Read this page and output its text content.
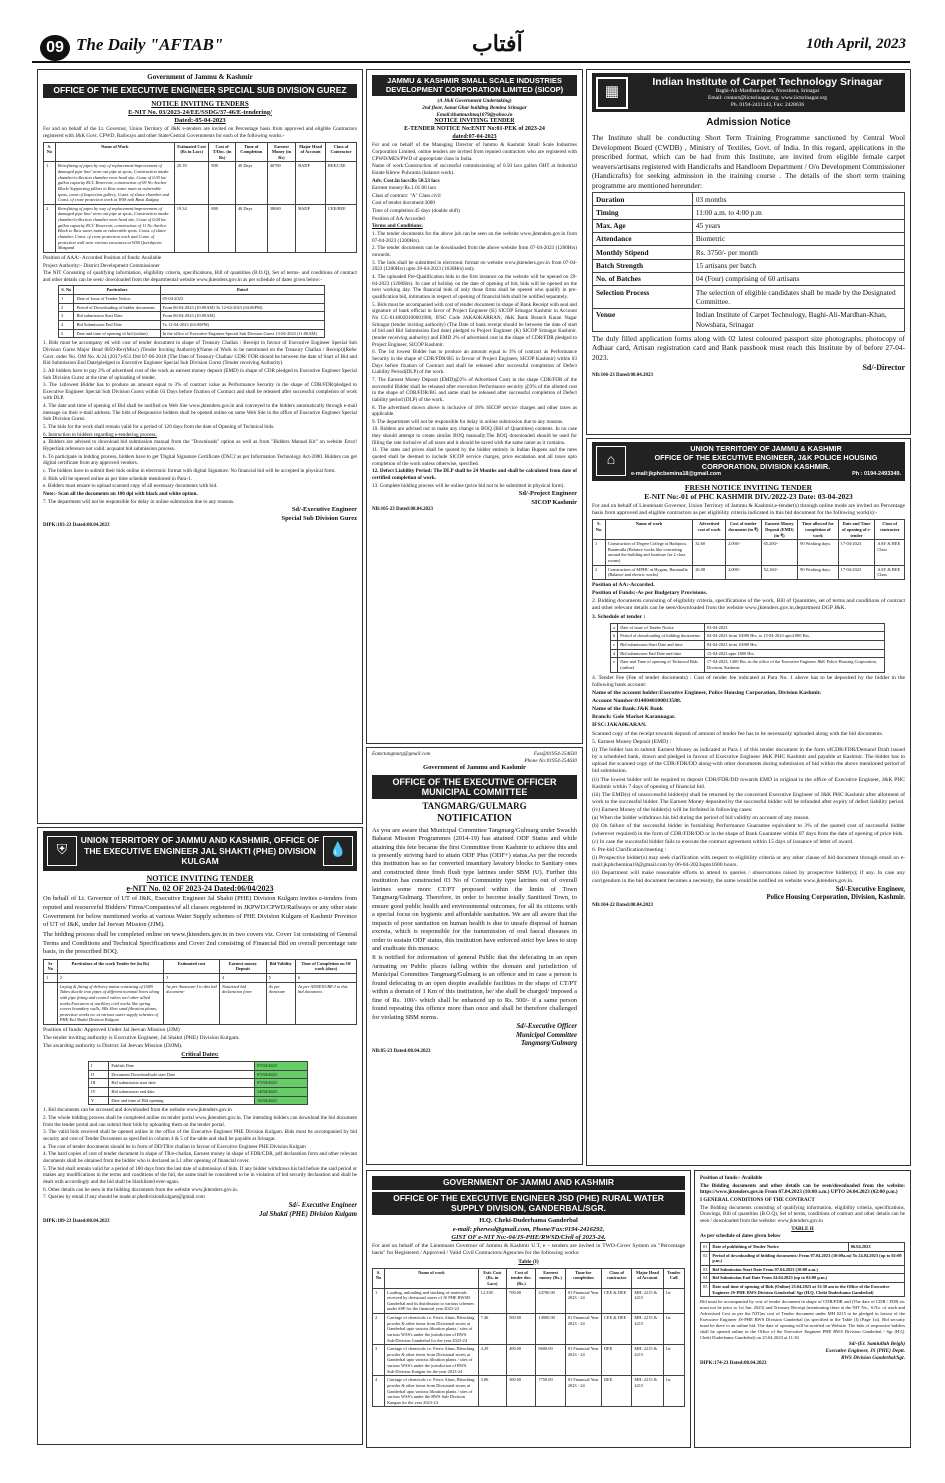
09 The Daily "AFTAB"	آفتاب	10th April, 2023
Government of Jammu & Kashmir
OFFICE OF THE EXECUTIVE ENGINEER SPECIAL SUB DIVISION GUREZ
NOTICE INVITING TENDERS
E-NIT No. 03/2023-24/EE/SSDG/37-46/E-tendering/
Dated:-05-04-2023

For and on behalf of the Lt. Governor, Union Territory of J&K e-tenders are invited on Percentage basis from approved and eligible Contractors registered with J&K Govt. CPWD, Railways and other State/Central Governments for each of the following works:-

S. No	Name of Work	Estimated Cost (Rs in Lacs)	Cost of T/Doc. (in Rs)	Time of Completion	Earnest Money (in Rs)	Major Head of Account	Class of Contractor
1	Retrofitting of pipes by way of replacement/improvement of damaged pipe line/ worn out pipe at spots, Construction intake chamber/collection chamber near head site, Const of 0.05 lac gallon capacity RCC Reservoir, construction of 09 No Anchor Block/ Supporting pillars to Raw water main at vulnerable spots, const of Inspection gullery, Const. of sluice chamber and Const. of crate protection work at WSS nali Basti Zadgay.	20.39	800	40 Days	40780	BADP	BEE/CEE
2	Retrofitting of pipes by way of replacement/improvement of damaged pipe line/ worn out pipe at spots, Construction intake chamber/collection chamber near head site, Const of 0.04 lac gallon capacity RCC Reservoir, construction of 11 No Anchor Block to Raw water main at vulnerable spots, Const. of sluice chamber, Const. of crate protection work and Const. of protection wall near various structures at WSS Qurishpora Mazgund	19.34	800	40 Days	38680	BADP	CEE/BEE

Position of AAA:- Accorded Position of funds: Available

Project Authority:- District Development Commissioner

The NIT Consisting of qualifying information, eligibility criteria, specifications, Bill of quantities (B.O.Q), Set of terms- and conditions of contract and other details can be seen/ downloaded from the departmental website www.jktenders.gov.in as per schedule of dates given below:-

S. No	Particulars	Dated
1	Date of Issue of Tender Notice.	05-04-2023
2	Period of Downloading of bidder documents	From 06-04-2023 (10:00AM) To 12-04-2023 (04:00PM)
3	Bid submission Start Date	From 06-04-2023 (10:00AM)
4	Bid Submission End Date	To 12-04-2023 (04:00PM)
5	Date and time of opening of bid (online)	In the office of Executive Engineer Special Sub Division Gurez 13-04-2023 (11:00AM)

1. Bids must be accompany ed with cost of tender document in shape of Treasury Challan / Receipt in favour of Executive Engineer Special Sub Division Gurez Major Head 0059-Rev(Misc) (Tender Inviting Authority)(Name of Work to be mentioned on the Treasury Challan / Receipt)(Refer Govt. order No. OM No. A/24 (2017)-651 Dtd 07-06-2018 (The Date of Treasury Challan/ CDR/ FDR should be between the date of Start of Bid and Bid Submission End Date)pledged to Executive Engineer Special Sub Division Gurez (Tender receiving Authority).

2. All bidders have to pay 2% of advertised cost of the work as earnest money deposit (EMD) in shape of CDR pledged to Executive Engineer Special Sub Division Gurez at the time of uploading of tender.

3. The 1stlowest Bidder has to produce an amount equal to 3% of contract value as Performance Security in the shape of CDR/FDR/pledged to Executive Engineer Special Sub Division Gurez within 03 Days before fixation of Contract and shall be released after successful completion of work with DLP.

4. The date and time of opening of Bid shall be notified on Web Site www.jktenders.gov.in and conveyed to the bidders automatically through e-mail message on their e-mail address. The bids of Responsive bidders shall be opened online on same Web Site in the office of Executive Engineer Special Sub Division Gurez.

5. The bids for the work shall remain valid for a period of 120 days from the date of Opening of Technical bids.

6. Instruction to bidders regarding e-tendering process.

a. Bidders are advised to download bid submission manual from the "Downloads" option as well as from "Bidders Manual Kit" on website Error! Hyperlink reference not valid. acquaint bid submission process.

b. To participate in bidding process, bidders have to get 'Digital Signature Certificate (DSC)' as per Information Technology Act-2000. Bidders can get digital certificate from any approved vendors.

c. The bidders have to submit their bids online in electronic format with digital Signature. No financial bid will be accepted in physical form.

d. Bids will be opened online as per time schedule mentioned in Para-1.

e. Bidders must ensure to upload scanned copy of all necessary documents with bid.

Note:- Scan all the documents on 100 dpi with black and white option.

7. The department will not be responsible for delay in online submission due to any reasons.

Sd/-Executive Engineer
Special Sub Division Gurez
DIPK:183-23 Dated:08.04.2023
JAMMU & KASHMIR SMALL SCALE INDUSTRIES DEVELOPMENT CORPORATION LIMITED (SICOP)
(A J&K Government Undertaking)
2nd floor, Sanat Ghar building Bemina Srinagar
Email:khatmushtaq1079@yahoo.in
NOTICE INVITING TENDER
E-TENDER NOTICE No:ENIT No:01-PEK of 2023-24
dated:07-04-2023

For and on behalf of the Managing Director of Jammu & Kashmir Small Scale Industries Corporation Limited, online tenders are invited from reputed contractors who are registered with CPWD/MES/PWD of appropriate class in India.

Name of work:Construction of successful commissioning of 0.50 lacs gallon OHT at Industrial Estate Khrew Pulwama (balance work).

Adv. Cost.In lacs:Rs 50.53 lacs

Earnest money:Rs.1.01.06 lacs

Class of contract: "A" Class civil

Cost of tender document:3000

Time of completion:45 days (double shift)

Position of AA:Accorded

Terms and Conditions:

1. The tender documents for the above job can be seen on the website www.jktenders.gov.in from 07-04-2023 (1200Hrs).

2. The tender documents can be downloaded from the above website from 07-04-2023 (1200Hrs) onwards.

3. The bids shall be submitted in electronic format on website www.jktenders.gov.in from 07-04-2023 (1200Hrs) upto 28-04-2023 (1630Hrs) only.

4. The uploaded Pre-Qualification bids in the first instance on the website will be opened on 29-04-2023 (1200Hrs). In case of holiday on the date of opening of bid, bids will be opened on the next working day. The financial bids of only those firms shall be opened who qualify in pre-qualification bid, intimation in respect of opening of financial bids shall be notified separately.

5. Bids must be accompanied with cost of tender document in shape of Bank Receipt with seal and signature of bank official in favor of Project Engineer (K) SICOP Srinagar Kashmir in Account No CC-0140020100001980, IFSC Code JAKA0KARRAN, J&K Bank Branch Karan Nagar Srinagar (tender inviting authority) (The Date of bank receipt should be between the date of start of bid and Bid Submission End date) pledged to Project Engineer (K) SICOP Srinagar Kashmir. (tender receiving authority) and EMD 2% of advertised cost in the shape of CDR/FDR pledged to Project Engineer, SICOP Kashmir.

6. The 1st lowest Bidder has to produce an amount equal to 3% of contract as Performance Security in the shape of CDR/FDR/BG in favour of Project Engineer, SICOP Kashmir) within 03 Days before fixation of Contract and shall be released after successful completion of Defect Liability Period(DLP) of the work.

7. The Earnest Money Deposit (EMD)@2% of Advertised Cost) in the shape CDR/FDR of the successful Bidder shall be released after execution Performance security @3% of the allotted cost in the shape of CDR/FDR/BG and same shall be released after successful completion of Defect liability period (DLP) of the work.

8. The advertised shown above is inclusive of 18% SICOP service charges and other taxes as applicable.

9. The department will not be responsible for delay in online submission due to any reasons.

10. Bidders are advised not to make any change in BOQ (Bill of Quantities) contents. In no case they should attempt to create similar BOQ manually.The BOQ downloaded should be used for filling the rate inclusive of all taxes and it should be saved with the same name as it contains.

11. The rates and prices shall be quoted by the bidder entirely in Indian Rupees and the rates quoted shall be deemed to include SICOP service charges, price escalation and all taxes upto completion of the work unless otherwise, specified.

12. Defect Liability Period: The DLP shall be 24 Months and shall be calculated from date of certified completion of work.

13. Complete bidding process will be online (price bid not to be submitted in physical form).

Sd/-Project Engineer
SICOP Kashmir
NB:105-23 Dated:08.04.2023
Eomctangmarg@gmail.com	Fax@01954-254630
Phone No:01954-254630
Government of Jammu and Kashmir
OFFICE OF THE EXECUTIVE OFFICER MUNICIPAL COMMITTEE
TANGMARG/GULMARG
NOTIFICATION

As you are aware that Municipal Committee Tangmarg/Gulmarg under Swachh Baharat Mission Programmes (2014-19) has attained ODF Status and while attaining this fete became the first Committee from Kashmir to achieve this and is presently striving hard to attain ODF Plus (ODF+) status.As per the records this institution has so far converted insanitary lavatory blocks to Sanitary ones and constructed three fresh flush type latrines under SBM (U). Further this institution has constructed 03 No of Community type latrines out of overall latrines some more CT/PT proposed within the limits of Town Tangmarg/Gulmarg. Therefore, in order to become totally Sanitized Town, to ensure good public health and environmental outcomes, for all its citizens with a special focus on hygienic and affordable sanitation. We are all aware that the impacts of poor sanitation on human health is due to unsafe disposal of human excreta, which is responsible for the transmission of oral faecal diseases in order to sustain ODF status, this institution have enforced strict bye laws to stop and eradicate this menace.

It is notified for information of general Public that the defecating in an open /urinating on Public places falling within the domain and jurisdiction of Municipal Committee Tangmarg/Gulmarg is an offence and in case a person is found defecating in an open despite available facilities in the shape of CT/PT within a domain of 1 Km of this institution, he/ she shall be charged/ imposed a fine of Rs. 100/- which shall be enhanced up to Rs. 500/- if a same person found repeating this offence more than once and shall be therefore challenged for violating SBM norms.

Sd/-Executive Officer
Municipal Committee
Tangmarg/Gulmarg
NB:85-23 Dated:08.04.2023
▦
Indian Institute of Carpet Technology Srinagar
Baghi-Ali-Mardhan-Khan, Nowshera, Srinagar
Email: contact@iictsrinagar.org; www.iictsrinagar.org
Ph. 0194-2411143, Fax: 2428636
Admission Notice

The Institute shall be conducting Short Term Training Programme sanctioned by Central Wool Development Board (CWDB) , Ministry of Textiles, Govt. of India. In this regard, applications in the prescribed format, which can be had from this Institute, are invited from eligible female carpet weavers/artisans registered with Handicrafts and Handloom Department / O/o Development Commissioner (Handicrafts) for seeking admission in the training course . The details of the short term training programme are mentioned hereunder:

Duration	03 months
Timing	11:00 a.m. to 4:00 p.m
Max. Age	45 years
Attendance	Biometric
Monthly Stipend	Rs. 3750/- per month
Batch Strength	15 artisans per batch
No. of Batches	04 (Four) comprising of 60 artisans
Selection Process	The selection of eligible candidates shall be made by the Designated Committee.
Venue	Indian Institute of Carpet Technology, Baghi-Ali-Mardhan-Khan, Nowshara, Srinagar

The duly filled application forms along with 02 latest coloured passport size photographs, photocopy of Adhaar card, Artisan registration card and Bank passbook must reach this Institute by of before 27-04-2023.

Sd/-Director
NB:106-23 Dated:08.04.2023
⌂
UNION TERRITORY OF JAMMU & KASHMIR
OFFICE OF THE EXECUTIVE ENGINEER, J&K POLICE HOUSING CORPORATION, DIVISION KASHMIR.
e-mail:jkphcbemina18@gmail.com	Ph : 0194-2493349.
FRESH NOTICE INVITING TENDER
E-NIT No:-01 of PHC KASHMIR DIV./2022-23 Date: 03-04-2023

For and on behalf of Lieutenant Governor, Union Territory of Jammu & Kashmir,e-tender(s) through online mode are invited on Percentage basis from approved and eligible contractors as per eligibility criteria indicated in this bid document for the following work(s):-

S. No.	Name of work	Advertised cost of work	Cost of tender document (in ₹)	Earnest Money Deposit (EMD) (in ₹)	Time allowed for completion of work	Date and Time of opening of e-tender	Class of contractor
1	Construction of Degree College at Hadipora, Baramulla (Balance works like concreting around the building and furniture for 2 class rooms)	32.60	2,000/-	65,200/-	90 Working days.	17-04-2023	AAY & BEE Class
2	Construction of MPHC at Hygam, Baramulla (Balance and electric works)	26.08	2,000/-	52,160/-	90 Working days.	17-04-2023	AAY & BEE Class

Position of AA:-Accorded.

Position of Funds:-As per Budgetary Provisions.

2. Bidding documents consisting of eligibility criteria, specifications of the work, Bill of Quantities, set of terms and conditions of contract and other relevant details can be seen/downloaded from the website www.jktenders.gov.in,department DGP J&K.

3. Schedule of tender :

a	Date of issue of Tender Notice	03-04-2023
b	Period of downloading of bidding documents	04-04-2023 from 10000 Hrs. to 15-04-2023 upto1800 Hrs.
c	Bid submission Start Date and time	04-04-2023 from 10000 Hrs.
d	Bid submission End Date and time	15-04-2023 upto 1800 Hrs.
e	Date and Time of opening of Technical Bids (online)	17-04-2023, 1400 Hrs. in the office of the Executive Engineer J&K Police Housing Corporation, Division, Kashmir.

4. Tender Fee (Fee of tender documents) : Cost of tender fee indicated at Para No. 1 above has to be deposited by the bidder in the following bank account:

Name of the account holder:Executive Engineer, Police Housing Corporation, Division Kashmir.

Account Number:0148040100013588.

Name of the Bank:J&K Bank

Branch: Gole Market Karannagar.

IFSC:JAKA0KARAN.

Scanned copy of the receipt towards deposit of amount of tender fee has to be necessarily uploaded along with the bid documents.

5. Earnest Money Deposit (EMD) :

(i) The bidder has to submit Earnest Money as indicated at Para 1 of this tender document in the form ofCDR/FDR/Demand Draft issued by a scheduled bank, drawn and pledged in favour of Executive Engineer J&K PHC Kashmir and payable at Kashmir. The bidder has to upload the scanned copy of the CDR/FDR/DD along-with other documents during submission of bid within the above mentioned period of bid submission.

(ii) The lowest bidder will be required to deposit CDR/FDR/DD towards EMD in original in the office of Executive Engineer, J&K PHC Kashmir within 7 days of opening of financial bid.

(iii) The EMD(s) of unsuccessful bidder(s) shall be returned by the concerned Executive Engineer of J&K PHC Kashmir after allotment of work to the successful bidder. The Earnest Money deposited by the successful bidder will be refunded after expiry of defect liability period.

(iv) Earnest Money of the bidder(s) will be forfeited in following cases:

(a) When the bidder withdraws his bid during the period of bid validity on account of any reason.

(b) On failure of the successful bidder in furnishing Performance Guarantee equivalent to 3% of the quoted cost of successful bidder (wherever required) in the form of CDR/FDR/DD or in the shape of Bank Guarantee within 07 days from the date of opening of price bids.

(c) In case the successful bidder fails to execute the contract agreement within 15 days of issuance of letter of award.

6. Pre-bid Clarification/meeting :

(i) Prospective bidder(s) may seek clarification with respect to eligibility criteria or any other clause of bid document through email on e-mail:jkphcbemina18@gmail.com by 06-04-2023upto1600 hours.

(ii) Department will make reasonable efforts to attend to queries / observations raised by prospective bidder(s); if any. In case any corrigendum in the bid document becomes a necessity, the same would be notified on website www.jktenders.gov.in.

Sd/-Executive Engineer,
Police Housing Corporation, Division, Kashmir.
NB:104-22 Dated:08.04.2023
⛨
UNION TERRITORY OF JAMMU AND KASHMIR, OFFICE OF THE EXECUTIVE ENGINEER JAL SHAKTI (PHE) DIVISION KULGAM
💧
NOTICE INVITING TENDER
e-NIT No. 02 OF 2023-24 Dated:06/04/2023

On behalf of Lt. Governor of UT of J&K, Executive Engineer Jal Shakti (PHE) Division Kulgam invites e-tenders from reputed and resourceful Bidders/ Firms/Companies/of all classes registered in JKPWD/CPWD/Railways or any other state Government for below mentioned works at various Water Supply schemes of PHE Division Kulgam of Kashmir Province of UT of J&K, under Jal Jeevan Mission (JJM).

The bidding process shall be completed online on www.jktenders.gov.in in two covers viz. Cover 1st consisting of General Terms and Conditions and Technical Specifications and Cover 2nd consisting of Financial Bid on overall percentage rate basis, in the prescribed BOQ.

Sr No	Particulars of the work Tender fee (in Rs)	Estimated cost	Earnest money Deposit	Bid Validity	Time of Completion on Of work (days)
1	2	3	4	5	6
	Laying & fitting of delivery mains consisting of GMS Tubes ductile iron pipes of different nominal bores along with pipe fitting and control valves incl other allied works Execution of ancillary civil works like spring covers boundary walls, SRs Slow sand filtration plants, protection works etc at various water supply schemes of PHE Kul Shakti Division Kulgam	As per Annexure-I to this bid document-	Notarized bid declaration form	As per Annexure	As per ANNEXURE-I to this bid document.

Position of funds: Approved Under Jal Jeevan Mission (JJM)

The tender inviting authority is Executive Engineer, Jal Shakti (PHE) Division Kulgam.

The awarding authority is District Jal Jeevan Mission (DJJM).

Critical Dates:
I	Publish Date	07/04/2023
II	Document Download/sale start Date	07/04/2023
III	Bid submission start date	07/04/2023
IV	Bid submission end date	14/04/2023
V	Date and time of Bid opening	15/04/2023

1. Bid documents can be accessed and downloaded from the website www.jktenders.gov.in

2. The whole bidding process shall be completed online on tender portal www.jktenders.gov.in. The intending bidders can download the bid document from the tender portal and can submit their bids by uploading them on the tender portal.

3. The valid bids received shall be opened online in the office of the Executive Engineer PHE Division Kulgam. Bids must be accompanied by bid security and cost of Tender Document as specified in column 4 & 5 of the table and shall be payable at Srinagar.

a. The cost of tender documents should be in form of DD/TR/e challan in favour of Executive Engineer PHE Division Kulgam

4. The hard copies of cost of tender document in shape of TR/e-challan, Earnest money in shape of FDR/CDR, pdf declaration form and other relevant documents shall be obtained from the bidder who is declared as L1 after opening of financial cover.

5. The bid shall remain valid for a period of 180 days from the last date of submission of bids. If any bidder withdraws his bid before the said period or makes any modifications in the terms and conditions of the bid, the same shall be considered to be in violation of bid security declaration and shall be dealt with accordingly and the bid shall be blacklisted ever-again.

6. Other details can be seen in the bidding documents from the website www.jktenders.gov.in.

7. Queries by email if any should be made at phedivisionKulgam@gmail.com

Sd/- Executive Engineer
Jal Shakti (PHE) Division Kulgam
DIPK:189-23 Dated:08.04.2023
GOVERNMENT OF JAMMU AND KASHMIR
OFFICE OF THE EXECUTIVE ENGINEER JSD (PHE) RURAL WATER SUPPLY DIVISION, GANDERBAL/SGR.
H.Q. Cheki-Duderhama Ganderbal
e-mail: pherwsd@gmail.com, Phone/Fax:0194-2416292,
GIST OF e-NIT No:-04/JS-PHE/RWSD/Civil of 2023-24.

For and on behalf of the Lieutenant Governor of Jammu & Kashmir U.T, e – tenders are invited in TWO-Cover System on "Percentage basis" for Registered / Approved / Valid Civil Contractors/Agencies for the following works:

Table (I)
S. No	Name of work	Estt. Cost (Rs. in Lacs)	Cost of tender doc. (Rs.)	Earnest money (Rs.)	Time for completion	Class of contractor	Major Head of Account	Tender Call
1	Loading, unloading and stacking of materials received by divisional stores of JS PHE RWSD Ganderbal and its distribution to various schemes under SSP for the financial year 2023-24	12.338	700.00	24700.00	01 Financial Year 2023 - 24	CEE & DEE	MH: 2215 & 4215	1st
2	Carriage of chemicals i.e. Ferric Alum, Bleaching powder & other items from Divisional stores at Ganderbal upto various filtration plants / sites of various WSS's under the jurisdiction of RWS. Sub-Division Ganderbal for the year 2023-24	7.46	500.00	14900.00	01 Financial Year 2023 - 24	CEE & DEE	MH: 2215 & 4215	1st
3	Carriage of chemicals i.e. Ferric Alum, Bleaching powder & other items from Divisional stores at Ganderbal upto various filtration plants / sites of various WSS's under the jurisdiction of RWS. Sub-Division Kangan for the year 2023-24	4.29	400.00	8600.00	01 Financial Year 2023 - 24	DEE	MH: 2215 & 4215	1st
4	Carriage of chemicals i.e. Ferric Alum, Bleaching powder & other items from Divisional stores at Ganderbal upto various filtration plants / sites of various WSS's under the RWS Sub-Division Kangan for the year 2023-24	3.86	300.00	7750.00	01 Financial Year 2023 - 24	DEE	MH: 2215 & 4215	1st

Position of funds:- Available

The Bidding documents and other details can be seen/downloaded from the website: https://www.jktenders.gov.in From 07.04.2023 (10:00 a.m.) UPTO 24.04.2023 (02:00 p.m.)

I GENERAL CONDITIONS OF THE CONTRACT

The Bidding documents consisting of qualifying information, eligibility criteria, specifications, Drawings, Bill of quantities (B.O.Q), Set of terms, conditions of contract and other details can be seen / downloaded from the website: www.jktenders.gov.in

TABLE II

As per schedule of dates given below

01	Date of publishing of Tender Notice	06.04.2023
02	Period of downloading of bidding documents: From 07.04.2023 (10:00a.m) To 24.04.2023 (up to 02:00 p.m.)	
03	Bid Submission Start Date From 07.04.2023 (10:00 a.m.)	
04	Bid Submission End Date From 24.04.2023 (up to 02:00 p.m.)	
05	Date and time of opening of Bids (Online) 25.04.2023 at 11:30 am in the Office of the Executive Engineer JS-PHE RWS Division Ganderbal/ Sgr (H.Q. Cheki Duderhama Ganderbal)	

Bid must be accompanied by cost of tender document in shape of CDR/FDR and (The date of CDR / FDR etc must not be prior to 1st Jan. 2023) and Treasury Receipt (mentioning there at the NIT No., S.No. of work and Advertised Cost as per the NIT)as cost of Tender document under MH 0215 to be pledged in favour of the Executive Engineer JS-PHE RWS Division Ganderbal (as specified in the Table (I) (Page 1st). Bid security must be there to an online bid. The date of opening will be notified on Website. The bids of responsive bidders shall be opened online in the Office of the Executive Engineer PHE RWS Division Ganderbal / Sgr (H.Q. Cheki Duderhama Ganderbal) on 25.04.2023 at 11:30

Sd/-(Er. Samiullah Beigh)
Executive Engineer, JS (PHE) Deptt.
RWS Division Ganderbal/Sgr.
DIPK:174-23 Dated:08.04.2023
